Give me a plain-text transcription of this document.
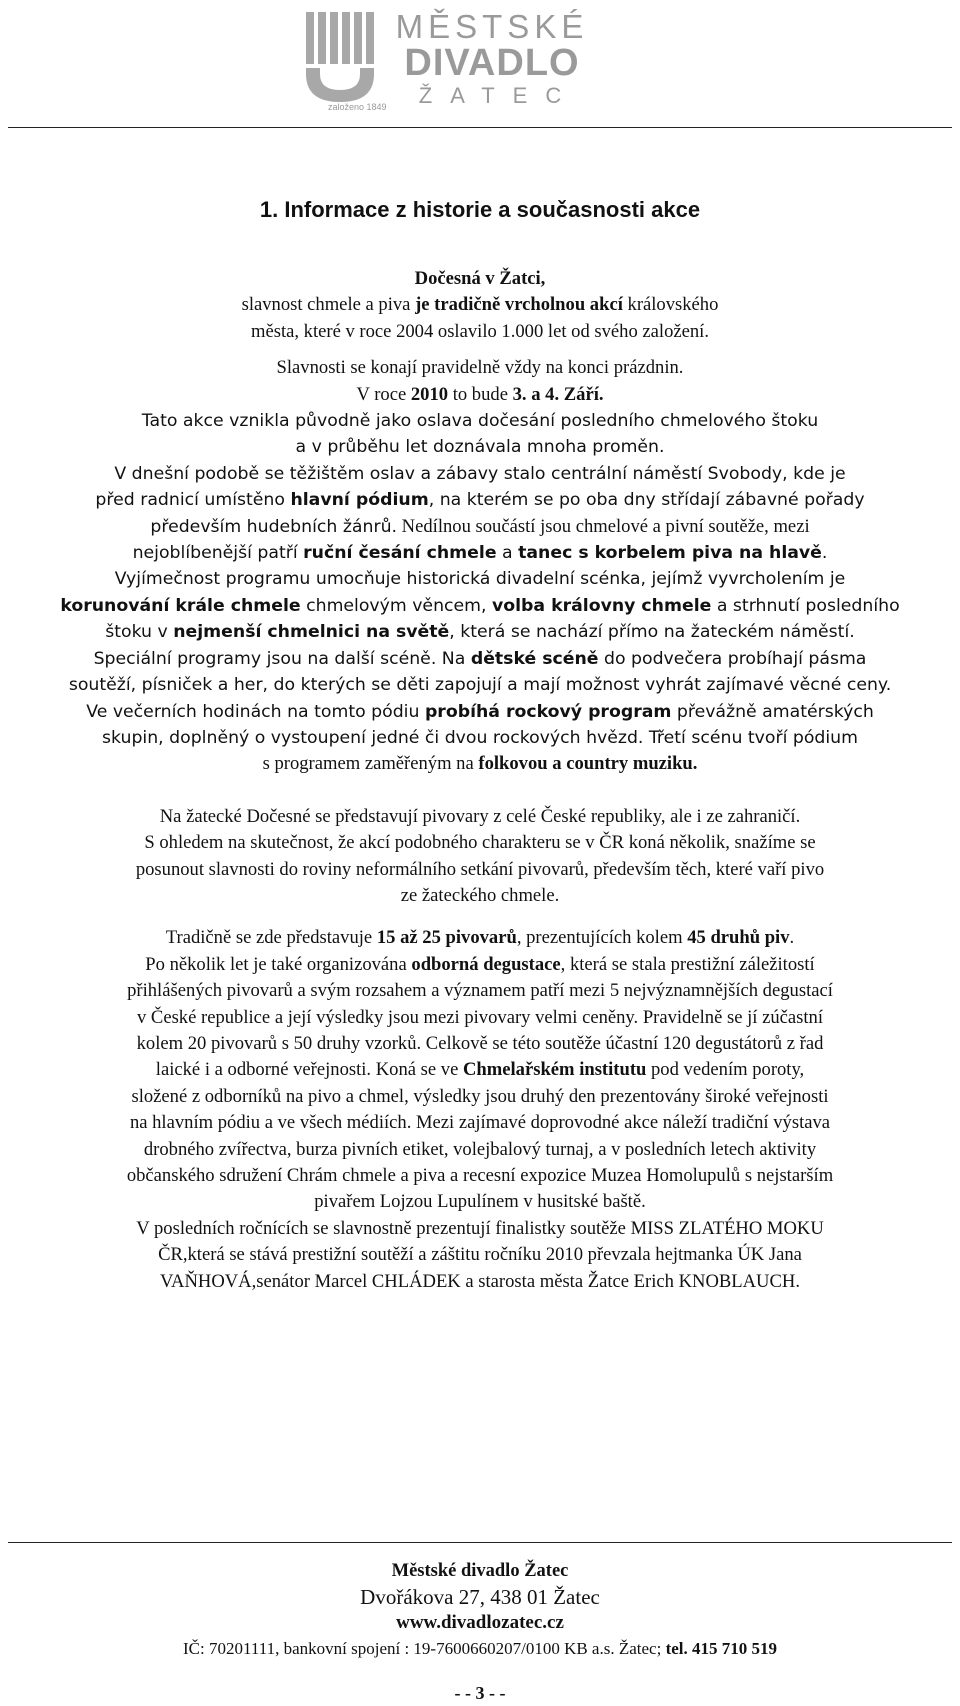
založeno 1849
MĚSTSKÉ
DIVADLO
ŽATEC
1. Informace z historie a současnosti akce

Dočesná v Žatci,

slavnost chmele a piva je tradičně vrcholnou akcí královského

města, které v roce 2004 oslavilo 1.000 let od svého založení.

Slavnosti se konají pravidelně vždy na konci prázdnin.

V roce 2010 to bude 3. a 4. Září.

Tato akce vznikla původně jako oslava dočesání posledního chmelového štoku

a v průběhu let doznávala mnoha proměn.

V dnešní podobě se těžištěm oslav a zábavy stalo centrální náměstí Svobody, kde je

před radnicí umístěno hlavní pódium, na kterém se po oba dny střídají zábavné pořady

především hudebních žánrů. Nedílnou součástí jsou chmelové a pivní soutěže, mezi

nejoblíbenější patří ruční česání chmele a tanec s korbelem piva na hlavě.

Vyjímečnost programu umocňuje historická divadelní scénka, jejímž vyvrcholením je

korunování krále chmele chmelovým věncem, volba královny chmele a strhnutí posledního

štoku v nejmenší chmelnici na světě, která se nachází přímo na žateckém náměstí.

Speciální programy jsou na další scéně. Na dětské scéně do podvečera probíhají pásma

soutěží, písniček a her, do kterých se děti zapojují a mají možnost vyhrát zajímavé věcné ceny.

Ve večerních hodinách na tomto pódiu probíhá rockový program převážně amatérských

skupin, doplněný o vystoupení jedné či dvou rockových hvězd. Třetí scénu tvoří pódium

s programem zaměřeným na folkovou a country muziku.

Na žatecké Dočesné se představují pivovary z celé České republiky, ale i ze zahraničí.

S ohledem na skutečnost, že akcí podobného charakteru se v ČR koná několik, snažíme se

posunout slavnosti do roviny neformálního setkání pivovarů, především těch, které vaří pivo

ze žateckého chmele.

Tradičně se zde představuje 15 až 25 pivovarů, prezentujících kolem 45 druhů piv.

Po několik let je také organizována odborná degustace, která se stala prestižní záležitostí

přihlášených pivovarů a svým rozsahem a významem patří mezi 5 nejvýznamnějších degustací

v České republice a její výsledky jsou mezi pivovary velmi ceněny. Pravidelně se jí zúčastní

kolem 20 pivovarů s 50 druhy vzorků. Celkově se této soutěže účastní 120 degustátorů z řad

laické i a odborné veřejnosti. Koná se ve Chmelařském institutu pod vedením poroty,

složené z odborníků na pivo a chmel, výsledky jsou druhý den prezentovány široké veřejnosti

na hlavním pódiu a ve všech médiích. Mezi zajímavé doprovodné akce náleží tradiční výstava

drobného zvířectva, burza pivních etiket, volejbalový turnaj, a v posledních letech aktivity

občanského sdružení Chrám chmele a piva a recesní expozice Muzea Homolupulů s nejstarším

pivařem Lojzou Lupulínem v husitské baště.

V posledních ročnících se slavnostně prezentují finalistky soutěže MISS ZLATÉHO MOKU

ČR,která se stává prestižní soutěží a záštitu ročníku 2010 převzala hejtmanka ÚK Jana

VAŇHOVÁ,senátor Marcel CHLÁDEK a starosta města Žatce Erich KNOBLAUCH.

Městské divadlo Žatec
Dvořákova 27, 438 01 Žatec
www.divadlozatec.cz
IČ: 70201111, bankovní spojení : 19-7600660207/0100 KB a.s. Žatec; tel. 415 710 519
- - 3 - -
